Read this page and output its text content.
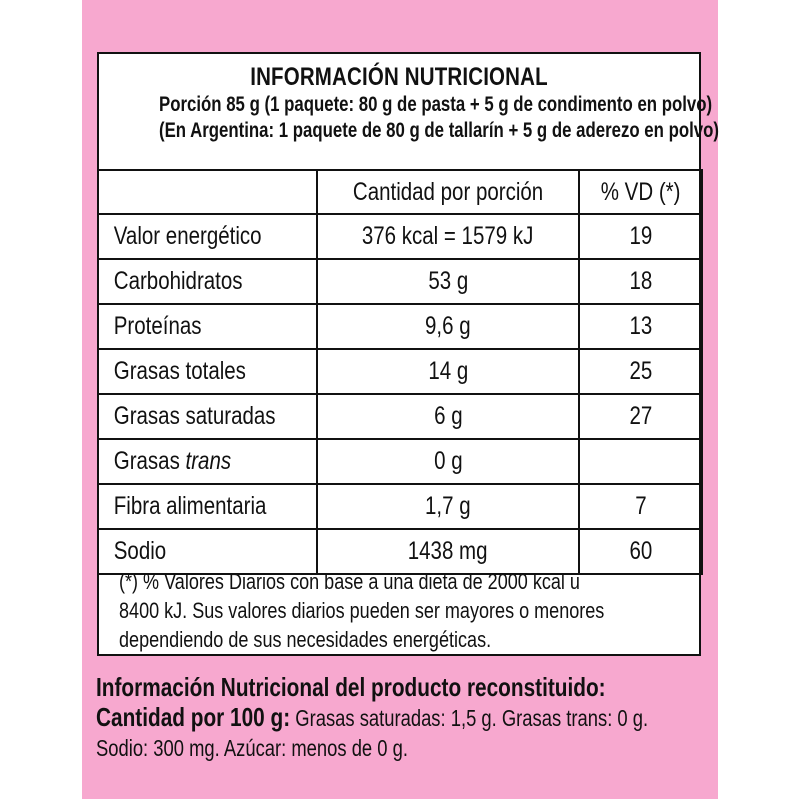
INFORMACIÓN NUTRICIONAL
Porción 85 g (1 paquete: 80 g de pasta + 5 g de condimento en polvo)
(En Argentina: 1 paquete de 80 g de tallarín + 5 g de aderezo en polvo)
	Cantidad por porción	% VD (*)
Valor energético	376 kcal = 1579 kJ	19
Carbohidratos	53 g	18
Proteínas	9,6 g	13
Grasas totales	14 g	25
Grasas saturadas	6 g	27
Grasas trans	0 g	
Fibra alimentaria	1,7 g	7
Sodio	1438 mg	60
(*) % Valores Diarios con base a una dieta de 2000 kcal u
8400 kJ. Sus valores diarios pueden ser mayores o menores
dependiendo de sus necesidades energéticas.
Información Nutricional del producto reconstituido:
Cantidad por 100 g: Grasas saturadas: 1,5 g. Grasas trans: 0 g.
Sodio: 300 mg. Azúcar: menos de 0 g.
